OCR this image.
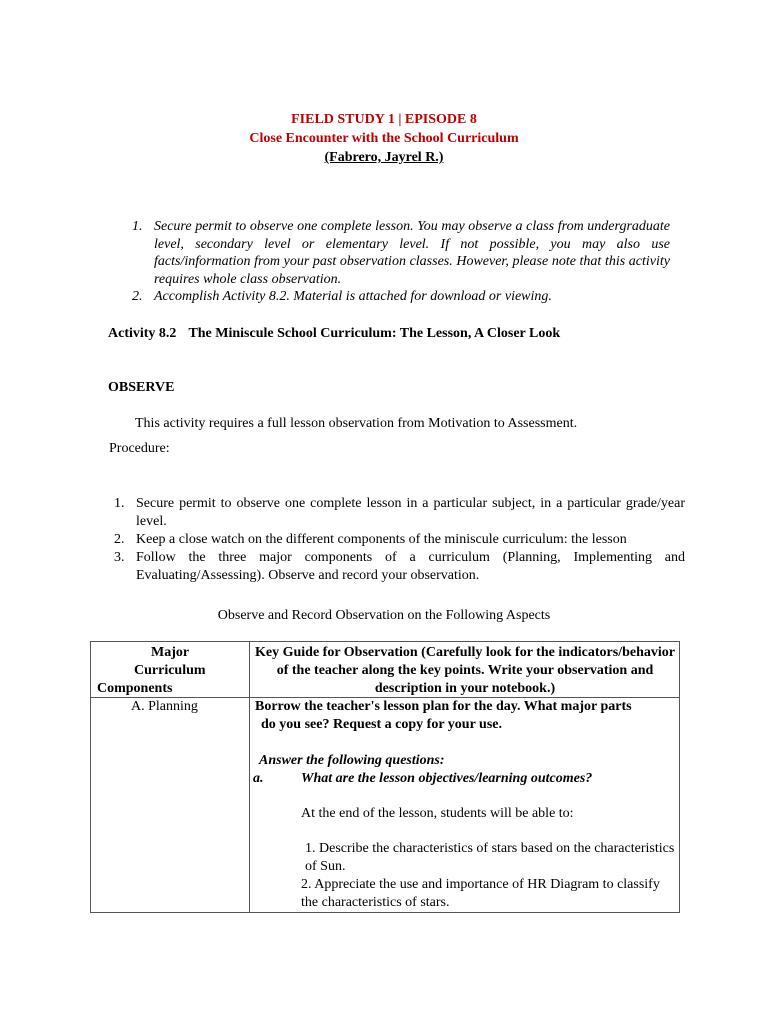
FIELD STUDY 1 | EPISODE 8
Close Encounter with the School Curriculum
(Fabrero, Jayrel R.)
1. Secure permit to observe one complete lesson. You may observe a class from undergraduate level, secondary level or elementary level. If not possible, you may also use facts/information from your past observation classes. However, please note that this activity requires whole class observation.
2. Accomplish Activity 8.2. Material is attached for download or viewing.
Activity 8.2 The Miniscule School Curriculum: The Lesson, A Closer Look
OBSERVE
This activity requires a full lesson observation from Motivation to Assessment.
Procedure:
1. Secure permit to observe one complete lesson in a particular subject, in a particular grade/year level.
2. Keep a close watch on the different components of the miniscule curriculum: the lesson
3. Follow the three major components of a curriculum (Planning, Implementing and Evaluating/Assessing). Observe and record your observation.
Observe and Record Observation on the Following Aspects
Major
Curriculum
Components
Key Guide for Observation (Carefully look for the indicators/behavior of the teacher along the key points. Write your observation and description in your notebook.)
A. Planning	Borrow the teacher's lesson plan for the day. What major parts
do you see? Request a copy for your use.
Answer the following questions:
a.	What are the lesson objectives/learning outcomes?
At the end of the lesson, students will be able to:
1. Describe the characteristics of stars based on the characteristics of Sun.
2. Appreciate the use and importance of HR Diagram to classify the characteristics of stars.
